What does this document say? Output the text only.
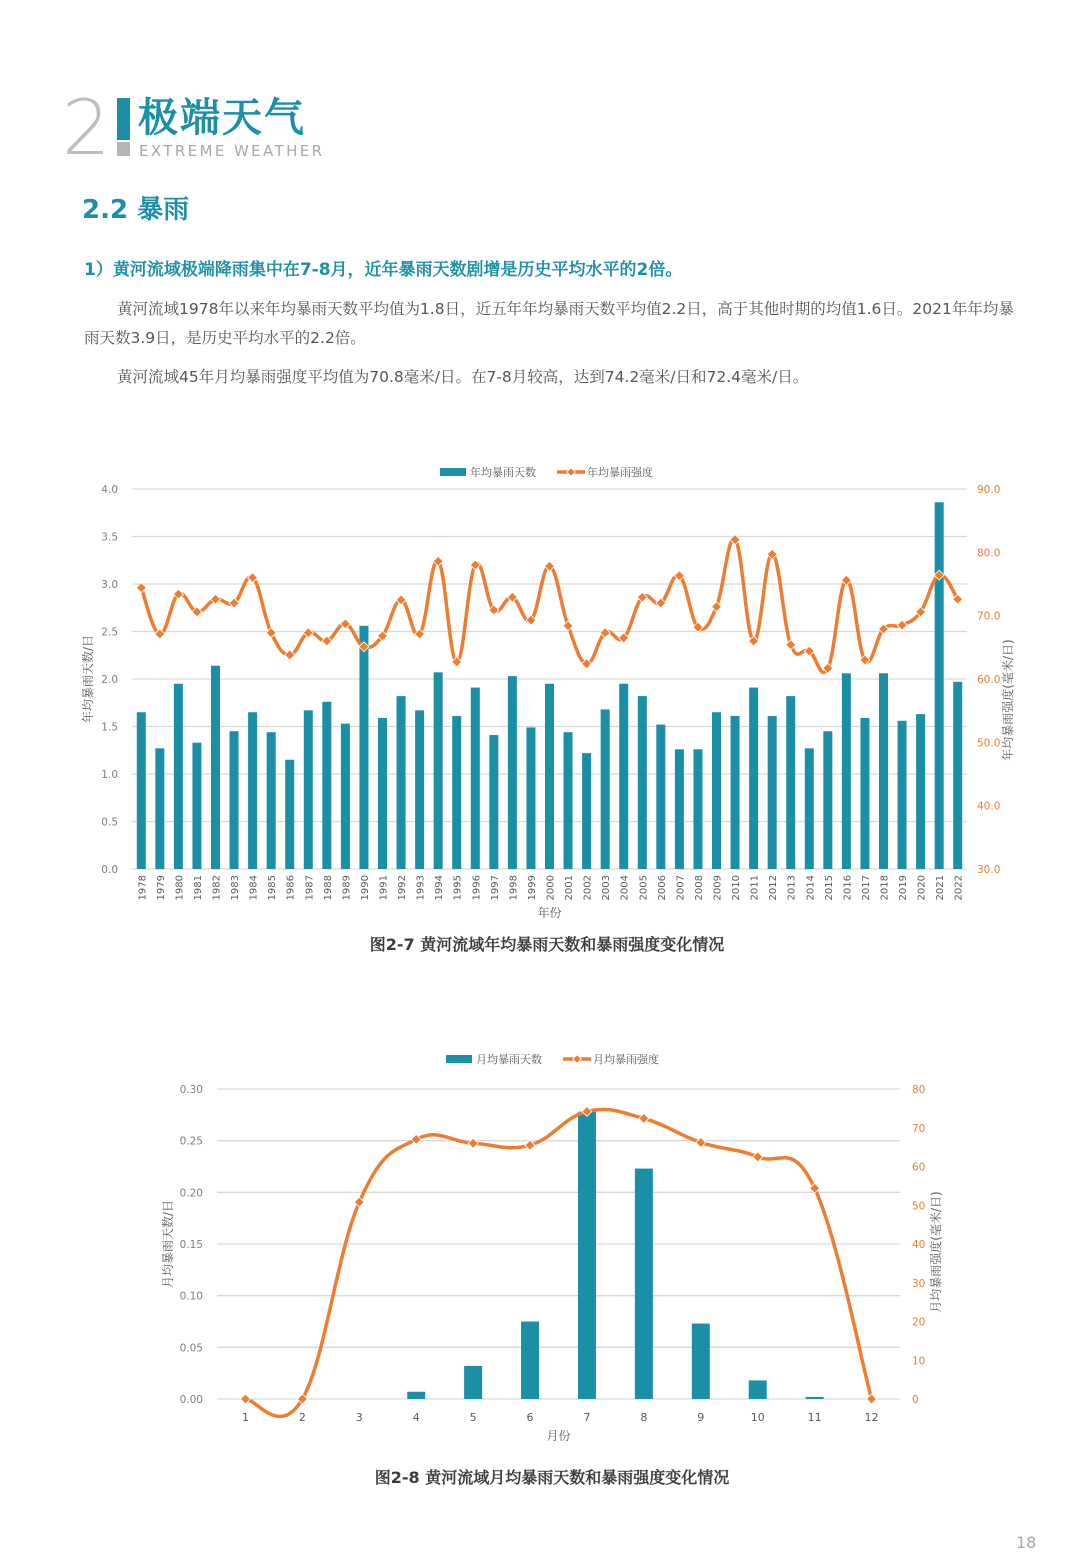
2 极端天气
EXTREME WEATHER
2.2 暴雨
1）黄河流域极端降雨集中在7-8月，近年暴雨天数剧增是历史平均水平的2倍。
黄河流域1978年以来年均暴雨天数平均值为1.8日，近五年年均暴雨天数平均值2.2日，高于其他时期的均值1.6日。2021年年均暴雨天数3.9日，是历史平均水平的2.2倍。
黄河流域45年月均暴雨强度平均值为70.8毫米/日。在7-8月较高，达到74.2毫米/日和72.4毫米/日。
0.0
0.5
1.0
1.5
2.0
2.5
3.0
3.5
4.0
30.0
40.0
50.0
60.0
70.0
80.0
90.0
1978 1979 1980 1981 1982 1983 1984 1985 1986 1987 1988 1989 1990 1991 1992 1993 1994 1995 1996 1997 1998 1999 2000 2001 2002 2003 2004 2005 2006 2007 2008 2009 2010 2011 2012 2013 2014 2015 2016 2017 2018 2019 2020 2021 2022
年均暴雨天数/日	年均暴雨强度(毫米/日)
年份
年均暴雨天数	年均暴雨强度
图2-7 黄河流域年均暴雨天数和暴雨强度变化情况
0.00
0.05
0.10
0.15
0.20
0.25
0.30
0
10
20
30
40
50
60
70
80
1	2	3	4	5	6	7	8	9	10	11	12
月均暴雨天数/日	月均暴雨强度(毫米/日)
月份
月均暴雨天数	月均暴雨强度
图2-8 黄河流域月均暴雨天数和暴雨强度变化情况
18
